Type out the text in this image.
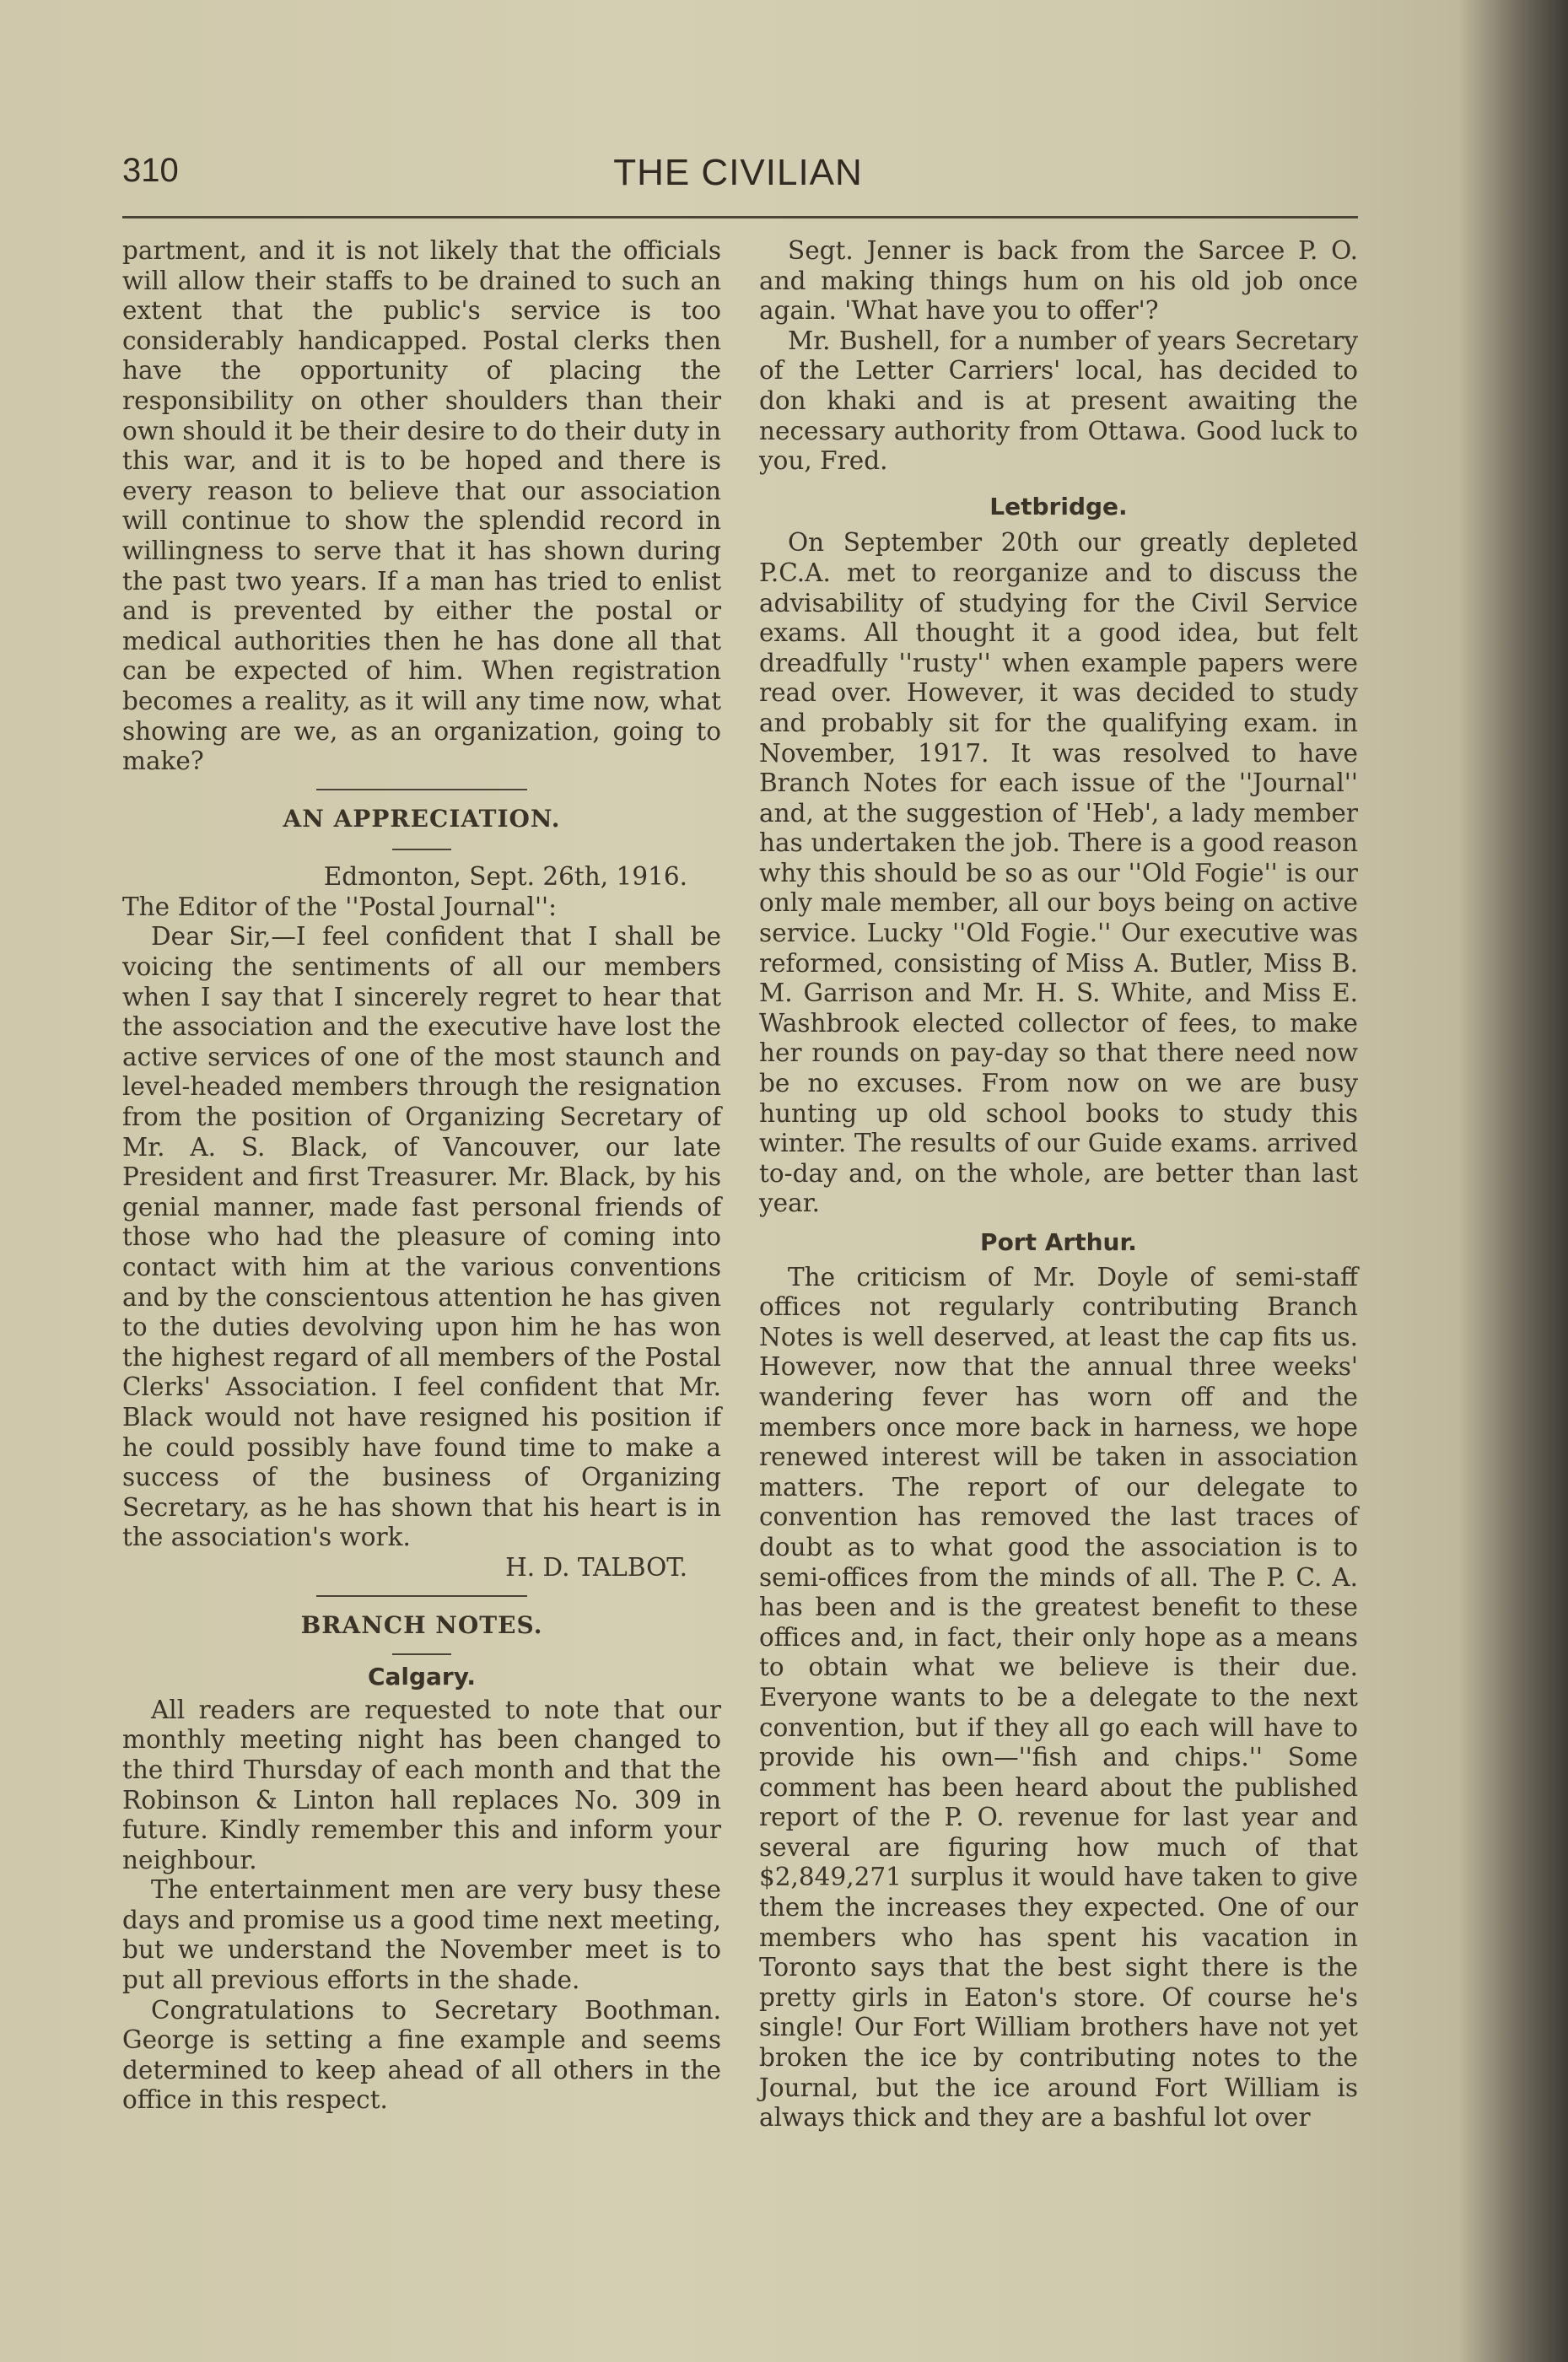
310	THE CIVILIAN

partment, and it is not likely that the officials will allow their staffs to be drained to such an extent that the public's service is too considerably handicapped. Postal clerks then have the opportunity of placing the responsibility on other shoulders than their own should it be their desire to do their duty in this war, and it is to be hoped and there is every reason to believe that our association will continue to show the splendid record in willingness to serve that it has shown during the past two years. If a man has tried to enlist and is prevented by either the postal or medical authorities then he has done all that can be expected of him. When registration becomes a reality, as it will any time now, what showing are we, as an organization, going to make?

AN APPRECIATION.

Edmonton, Sept. 26th, 1916.

The Editor of the ''Postal Journal'':

Dear Sir,—I feel confident that I shall be voicing the sentiments of all our members when I say that I sincerely regret to hear that the association and the executive have lost the active services of one of the most staunch and level-headed members through the resignation from the position of Organizing Secretary of Mr. A. S. Black, of Vancouver, our late President and first Treasurer. Mr. Black, by his genial manner, made fast personal friends of those who had the pleasure of coming into contact with him at the various conventions and by the conscientous attention he has given to the duties devolving upon him he has won the highest regard of all members of the Postal Clerks' Association. I feel confident that Mr. Black would not have resigned his position if he could possibly have found time to make a success of the business of Organizing Secretary, as he has shown that his heart is in the association's work.

H. D. TALBOT.

BRANCH NOTES.
Calgary.

All readers are requested to note that our monthly meeting night has been changed to the third Thursday of each month and that the Robinson & Linton hall replaces No. 309 in future. Kindly remember this and inform your neighbour.

The entertainment men are very busy these days and promise us a good time next meeting, but we understand the November meet is to put all previous efforts in the shade.

Congratulations to Secretary Boothman. George is setting a fine example and seems determined to keep ahead of all others in the office in this respect.

Segt. Jenner is back from the Sarcee P. O. and making things hum on his old job once again. 'What have you to offer'?

Mr. Bushell, for a number of years Secretary of the Letter Carriers' local, has decided to don khaki and is at present awaiting the necessary authority from Ottawa. Good luck to you, Fred.

Letbridge.

On September 20th our greatly depleted P.C.A. met to reorganize and to discuss the advisability of studying for the Civil Service exams. All thought it a good idea, but felt dreadfully ''rusty'' when example papers were read over. However, it was decided to study and probably sit for the qualifying exam. in November, 1917. It was resolved to have Branch Notes for each issue of the ''Journal'' and, at the suggestion of 'Heb', a lady member has undertaken the job. There is a good reason why this should be so as our ''Old Fogie'' is our only male member, all our boys being on active service. Lucky ''Old Fogie.'' Our executive was reformed, consisting of Miss A. Butler, Miss B. M. Garrison and Mr. H. S. White, and Miss E. Washbrook elected collector of fees, to make her rounds on pay-day so that there need now be no excuses. From now on we are busy hunting up old school books to study this winter. The results of our Guide exams. arrived to-day and, on the whole, are better than last year.

Port Arthur.

The criticism of Mr. Doyle of semi-staff offices not regularly contributing Branch Notes is well deserved, at least the cap fits us. However, now that the annual three weeks' wandering fever has worn off and the members once more back in harness, we hope renewed interest will be taken in association matters. The report of our delegate to convention has removed the last traces of doubt as to what good the association is to semi-offices from the minds of all. The P. C. A. has been and is the greatest benefit to these offices and, in fact, their only hope as a means to obtain what we believe is their due. Everyone wants to be a delegate to the next convention, but if they all go each will have to provide his own—''fish and chips.'' Some comment has been heard about the published report of the P. O. revenue for last year and several are figuring how much of that $2,849,271 surplus it would have taken to give them the increases they expected. One of our members who has spent his vacation in Toronto says that the best sight there is the pretty girls in Eaton's store. Of course he's single! Our Fort William brothers have not yet broken the ice by contributing notes to the Journal, but the ice around Fort William is always thick and they are a bashful lot over
